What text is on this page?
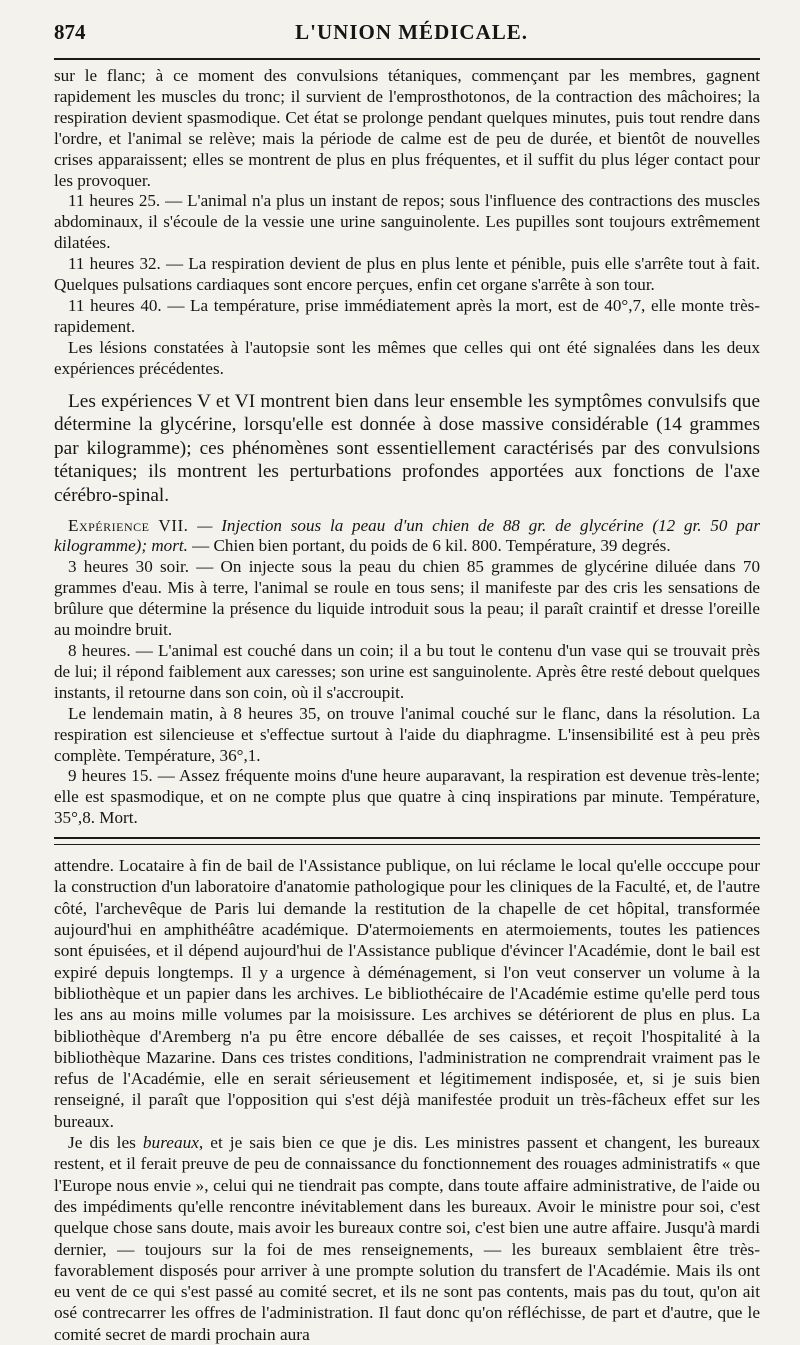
874	L'UNION MÉDICALE.

sur le flanc; à ce moment des convulsions tétaniques, commençant par les membres, gagnent rapidement les muscles du tronc; il survient de l'emprosthotonos, de la contraction des mâchoires; la respiration devient spasmodique. Cet état se prolonge pendant quelques minutes, puis tout rendre dans l'ordre, et l'animal se relève; mais la période de calme est de peu de durée, et bientôt de nouvelles crises apparaissent; elles se montrent de plus en plus fréquentes, et il suffit du plus léger contact pour les provoquer.

11 heures 25. — L'animal n'a plus un instant de repos; sous l'influence des contractions des muscles abdominaux, il s'écoule de la vessie une urine sanguinolente. Les pupilles sont toujours extrêmement dilatées.

11 heures 32. — La respiration devient de plus en plus lente et pénible, puis elle s'arrête tout à fait. Quelques pulsations cardiaques sont encore perçues, enfin cet organe s'arrête à son tour.

11 heures 40. — La température, prise immédiatement après la mort, est de 40°,7, elle monte très-rapidement.

Les lésions constatées à l'autopsie sont les mêmes que celles qui ont été signalées dans les deux expériences précédentes.

Les expériences V et VI montrent bien dans leur ensemble les symptômes convulsifs que détermine la glycérine, lorsqu'elle est donnée à dose massive considérable (14 grammes par kilogramme); ces phénomènes sont essentiellement caractérisés par des convulsions tétaniques; ils montrent les perturbations profondes apportées aux fonctions de l'axe cérébro-spinal.

Expérience VII. — Injection sous la peau d'un chien de 88 gr. de glycérine (12 gr. 50 par kilogramme); mort. — Chien bien portant, du poids de 6 kil. 800. Température, 39 degrés.

3 heures 30 soir. — On injecte sous la peau du chien 85 grammes de glycérine diluée dans 70 grammes d'eau. Mis à terre, l'animal se roule en tous sens; il manifeste par des cris les sensations de brûlure que détermine la présence du liquide introduit sous la peau; il paraît craintif et dresse l'oreille au moindre bruit.

8 heures. — L'animal est couché dans un coin; il a bu tout le contenu d'un vase qui se trouvait près de lui; il répond faiblement aux caresses; son urine est sanguinolente. Après être resté debout quelques instants, il retourne dans son coin, où il s'accroupit.

Le lendemain matin, à 8 heures 35, on trouve l'animal couché sur le flanc, dans la résolution. La respiration est silencieuse et s'effectue surtout à l'aide du diaphragme. L'insensibilité est à peu près complète. Température, 36°,1.

9 heures 15. — Assez fréquente moins d'une heure auparavant, la respiration est devenue très-lente; elle est spasmodique, et on ne compte plus que quatre à cinq inspirations par minute. Température, 35°,8. Mort.

attendre. Locataire à fin de bail de l'Assistance publique, on lui réclame le local qu'elle occcupe pour la construction d'un laboratoire d'anatomie pathologique pour les cliniques de la Faculté, et, de l'autre côté, l'archevêque de Paris lui demande la restitution de la chapelle de cet hôpital, transformée aujourd'hui en amphithéâtre académique. D'atermoiements en atermoiements, toutes les patiences sont épuisées, et il dépend aujourd'hui de l'Assistance publique d'évincer l'Académie, dont le bail est expiré depuis longtemps. Il y a urgence à déménagement, si l'on veut conserver un volume à la bibliothèque et un papier dans les archives. Le bibliothécaire de l'Académie estime qu'elle perd tous les ans au moins mille volumes par la moisissure. Les archives se détériorent de plus en plus. La bibliothèque d'Aremberg n'a pu être encore déballée de ses caisses, et reçoit l'hospitalité à la bibliothèque Mazarine. Dans ces tristes conditions, l'administration ne comprendrait vraiment pas le refus de l'Académie, elle en serait sérieusement et légitimement indisposée, et, si je suis bien renseigné, il paraît que l'opposition qui s'est déjà manifestée produit un très-fâcheux effet sur les bureaux.

Je dis les bureaux, et je sais bien ce que je dis. Les ministres passent et changent, les bureaux restent, et il ferait preuve de peu de connaissance du fonctionnement des rouages administratifs « que l'Europe nous envie », celui qui ne tiendrait pas compte, dans toute affaire administrative, de l'aide ou des impédiments qu'elle rencontre inévitablement dans les bureaux. Avoir le ministre pour soi, c'est quelque chose sans doute, mais avoir les bureaux contre soi, c'est bien une autre affaire. Jusqu'à mardi dernier, — toujours sur la foi de mes renseignements, — les bureaux semblaient être très-favorablement disposés pour arriver à une prompte solution du transfert de l'Académie. Mais ils ont eu vent de ce qui s'est passé au comité secret, et ils ne sont pas contents, mais pas du tout, qu'on ait osé contrecarrer les offres de l'administration. Il faut donc qu'on réfléchisse, de part et d'autre, que le comité secret de mardi prochain aura
